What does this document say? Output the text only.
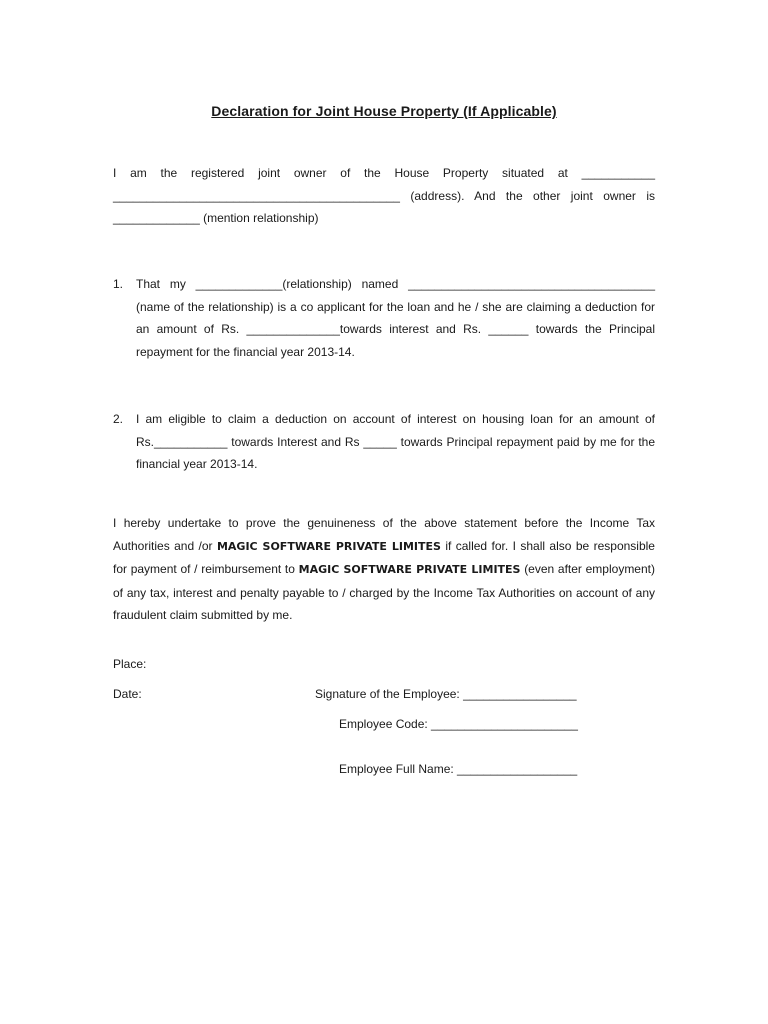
Declaration for Joint House Property (If Applicable)

I am the registered joint owner of the House Property situated at ___________ ___________________________________________ (address). And the other joint owner is _____________ (mention relationship)

1. That my _____________(relationship) named _____________________________________ (name of the relationship) is a co applicant for the loan and he / she are claiming a deduction for an amount of Rs. ______________towards interest and Rs. ______ towards the Principal repayment for the financial year 2013-14.

2. I am eligible to claim a deduction on account of interest on housing loan for an amount of Rs.___________ towards Interest and Rs _____ towards Principal repayment paid by me for the financial year 2013-14.

I hereby undertake to prove the genuineness of the above statement before the Income Tax Authorities and /or MAGIC SOFTWARE PRIVATE LIMITES if called for. I shall also be responsible for payment of / reimbursement to MAGIC SOFTWARE PRIVATE LIMITES (even after employment) of any tax, interest and penalty payable to / charged by the Income Tax Authorities on account of any fraudulent claim submitted by me.

Place:
Date:	Signature of the Employee: _________________
Employee Code: ______________________
Employee Full Name: __________________
